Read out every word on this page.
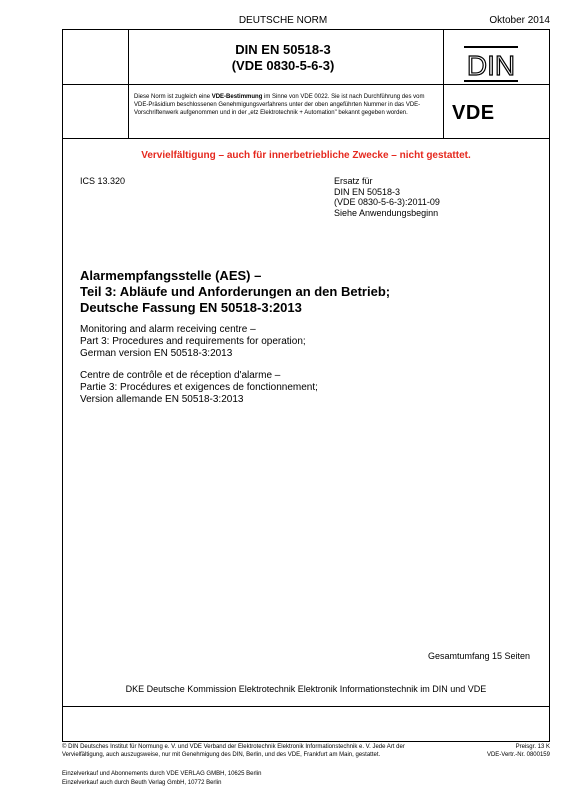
DEUTSCHE NORM	Oktober 2014
DIN EN 50518-3
(VDE 0830-5-6-3)	DIN
VDE
Diese Norm ist zugleich eine VDE-Bestimmung im Sinne von VDE 0022. Sie ist nach Durchführung des vom VDE-Präsidium beschlossenen Genehmigungsverfahrens unter der oben angeführten Nummer in das VDE-Vorschriftenwerk aufgenommen und in der „etz Elektrotechnik + Automation" bekannt gegeben worden.
Vervielfältigung – auch für innerbetriebliche Zwecke – nicht gestattet.
ICS 13.320	Ersatz für
DIN EN 50518-3
(VDE 0830-5-6-3):2011-09
Siehe Anwendungsbeginn
Alarmempfangsstelle (AES) –
Teil 3: Abläufe und Anforderungen an den Betrieb;
Deutsche Fassung EN 50518-3:2013
Monitoring and alarm receiving centre –
Part 3: Procedures and requirements for operation;
German version EN 50518-3:2013
Centre de contrôle et de réception d'alarme –
Partie 3: Procédures et exigences de fonctionnement;
Version allemande EN 50518-3:2013
Gesamtumfang 15 Seiten
DKE Deutsche Kommission Elektrotechnik Elektronik Informationstechnik im DIN und VDE
© DIN Deutsches Institut für Normung e. V. und VDE Verband der Elektrotechnik Elektronik Informationstechnik e. V. Jede Art der Vervielfältigung, auch auszugsweise, nur mit Genehmigung des DIN, Berlin, und des VDE, Frankfurt am Main, gestattet.
Einzelverkauf und Abonnements durch VDE VERLAG GMBH, 10625 Berlin
Einzelverkauf auch durch Beuth Verlag GmbH, 10772 Berlin
Preisgr. 13 K
VDE-Vertr.-Nr. 0800159
